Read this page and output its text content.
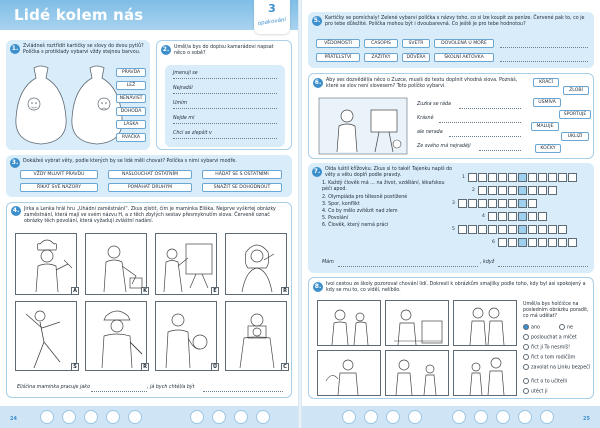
Lidé kolem nás	3
opakování
1. Zvládneš roztřídit kartičky se slovy do dvou pytlů? Políčka s protiklady vybarvi vždy stejnou barvou.
PRAVDA
LEŽ
NENÁVIST
DOHODA
LÁSKA
RVAČKA
2. Uměl/a bys do dopisu kamarádovi napsat něco o sobě?
Jmenuji se
Nejradši
Umím
Nejde mi
Chci se zlepšit v
3. Dokážeš vybrat věty, podle kterých by se lidé měli chovat? Políčka s nimi vybarvi modře.
VŽDY MLUVIT PRAVDU	NASLOUCHAT OSTATNÍM	HÁDAT SE S OSTATNÍMI
ŘÍKAT SVÉ NÁZORY	POMÁHAT DRUHÝM	SNAŽIT SE DOHODNOUT
4. Jirka a Lenka hrál hru „Uhádni zaměstnání“. Zkus zjistit, čím je maminka Eliška. Nejprve vyškrtej obrázky zaměstnání, která mají ve svém názvu H, a z těch zbylých sestav přesmyknutím slova. Červeně označ obrázky těch povolání, která vyžadují zvláštní nadání.
A	K	E	Ř
Š	R	Ů	C
Eliščina maminka pracuje jako	, já bych chtěl/a být
24
5. Kartičky se pomíchaly! Zelené vybarvi políčka s názvy toho, co si lze koupit za peníze. Červené pak to, co je pro tebe důležité. Políčka mohou být i dvoubarevná. Co ještě je pro tebe hodnotou?
VĚDOMOSTI	ČASOPIS	SVETR	DOVOLENÁ U MOŘE
PŘÁTELSTVÍ	ZÁŽITKY	DŮVĚRA	ŠKOLNÍ AKTOVKA
6. Aby ses dozvěděl/a něco o Zuzce, musíš do textu doplnit vhodná slova. Poznáš, které se slov není slovesem? Toto políčko vybarvi.
Zuzka se ráda
Krásně
ale nerada
Ze svého má nejraději
KRÁČÍ
ZLOBÍ
USMÍVÁ
SPORTUJE
MALUJE
UKLIZÍ
KOČKY
7. Olda luštil křížovku. Zkus si to také! Tajenku napiš do věty a větu doplň podle pravdy.
1. Každý člověk má … na život, vzdělání, lékařskou péči apod.
2. Olympiáda pro tělesně postižené
3. Spor, konflikt
4. Co by mělo zvítězit nad zlem
5. Povolání
6. Člověk, který nemá práci
1
2
3
4
5
6
Mám	, když
8. Ivoi cestou ze školy pozoroval chování lidí. Dokresli k obrázkům smajlíky podle toho, kdy byl asi spokojený a kdy se mu to, co viděl, nelíbilo.
Uměl/a bys holčičce na posledním obrázku poradit, co má udělat?
ano	ne
poslouchat a mlčet
říct ji To nesmíš!
říct o tom rodičům
zavolat na Linku bezpečí
říct o to učitelli
utéct ji
25
